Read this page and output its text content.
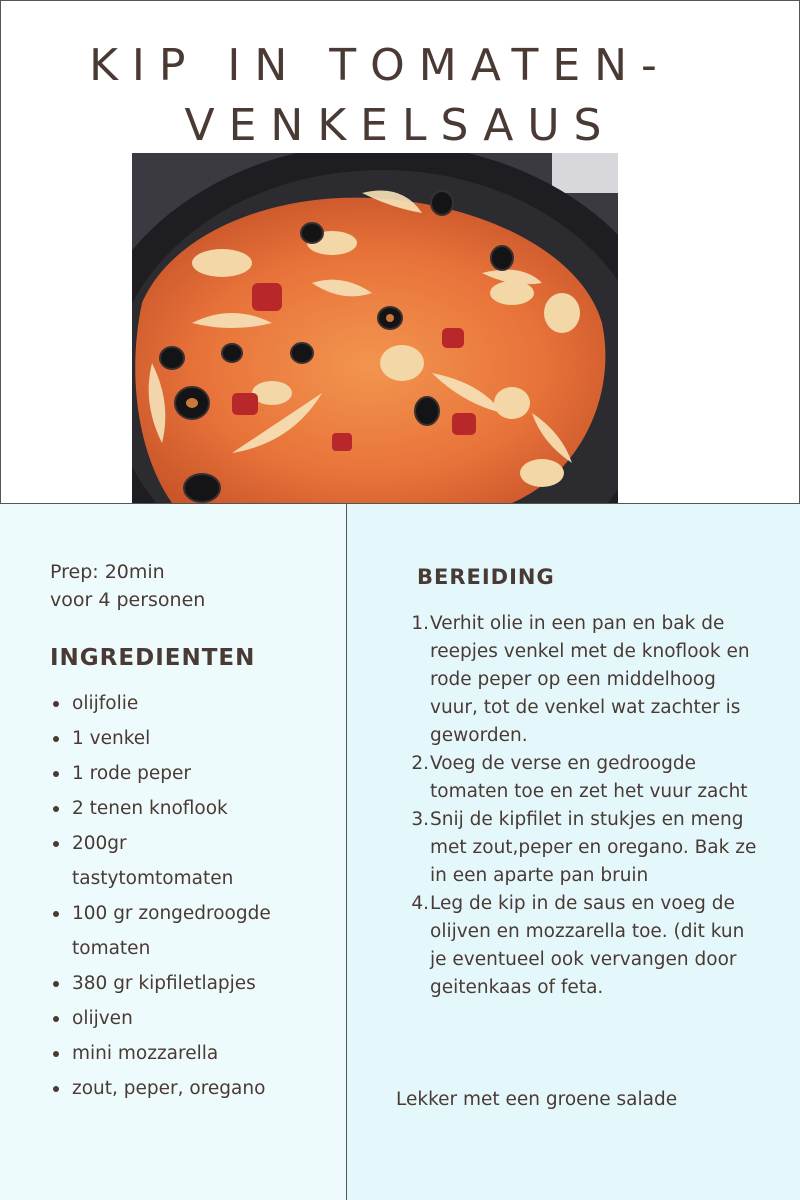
KIP IN TOMATEN-
VENKELSAUS
Prep: 20min
voor 4 personen
INGREDIENTEN
olijfolie
1 venkel
1 rode peper
2 tenen knoflook
200gr
tastytomtomaten
100 gr zongedroogde
tomaten
380 gr kipfiletlapjes
olijven
mini mozzarella
zout, peper, oregano
BEREIDING
1. Verhit olie in een pan en bak de reepjes venkel met de knoflook en rode peper op een middelhoog vuur, tot de venkel wat zachter is geworden.
2. Voeg de verse en gedroogde tomaten toe en zet het vuur zacht
3. Snij de kipfilet in stukjes en meng met zout,peper en oregano. Bak ze in een aparte pan bruin
4. Leg de kip in de saus en voeg de olijven en mozzarella toe. (dit kun je eventueel ook vervangen door geitenkaas of feta.

Lekker met een groene salade
